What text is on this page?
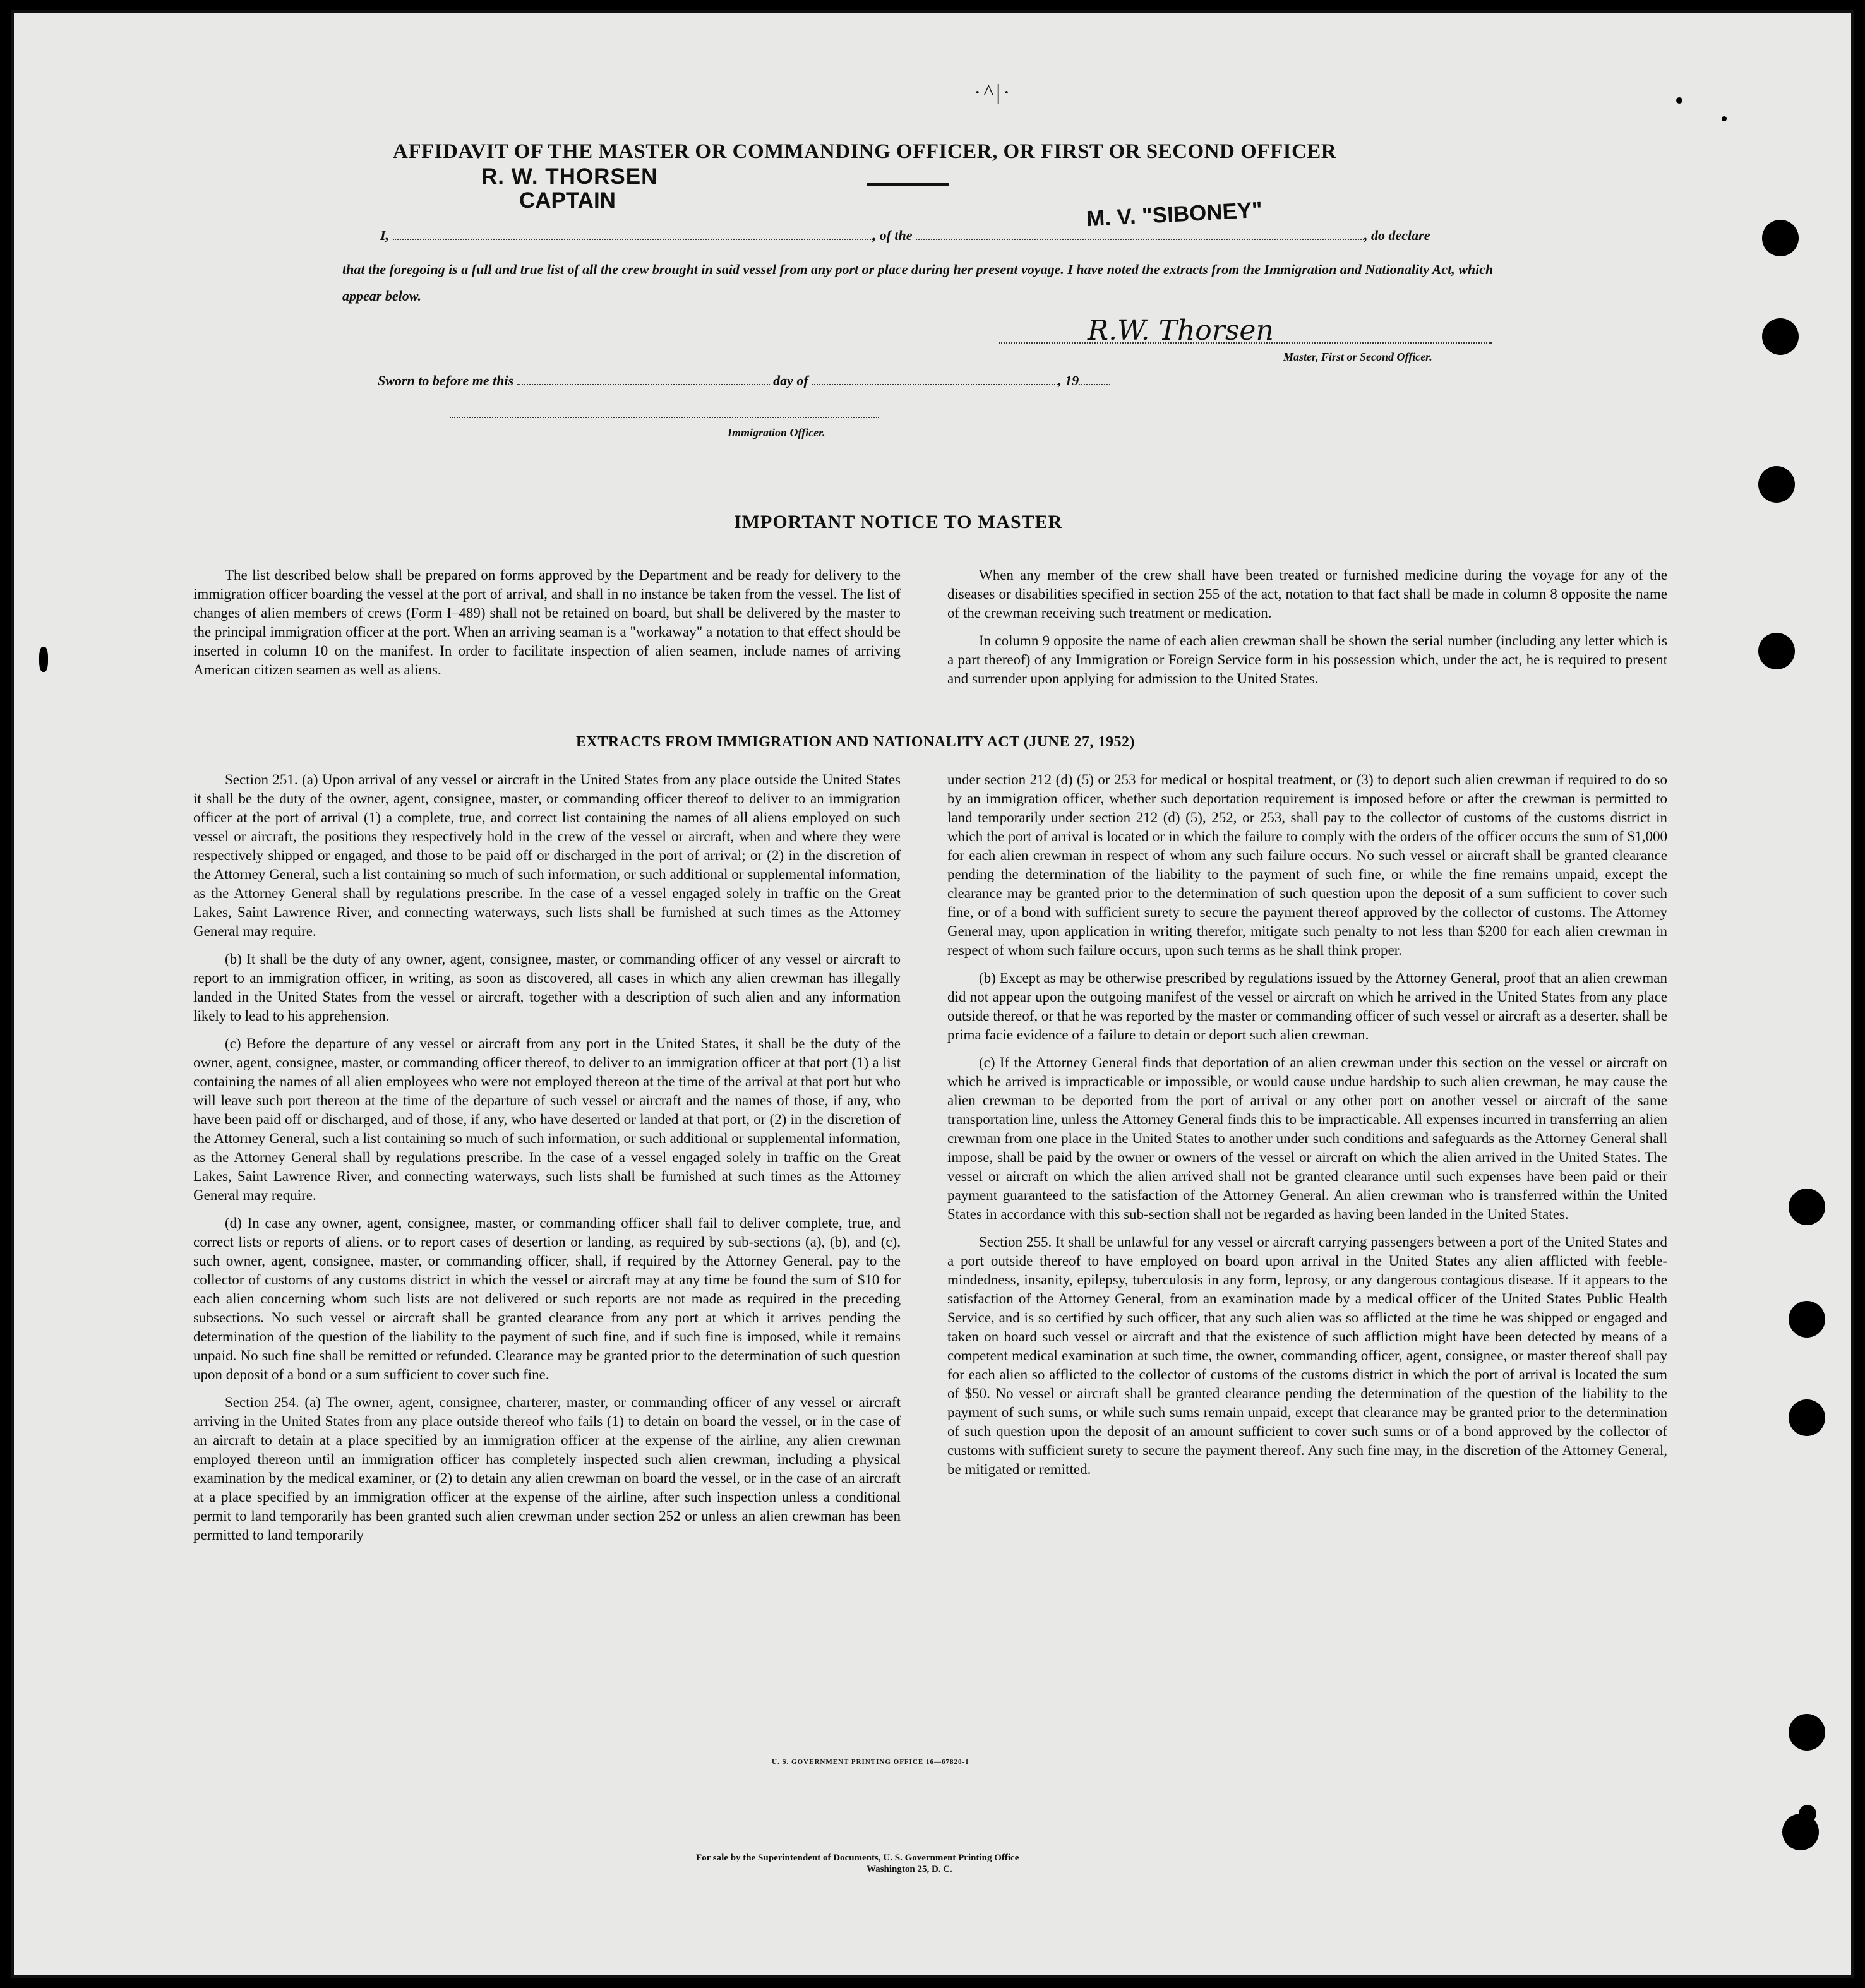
·^|·
AFFIDAVIT OF THE MASTER OR COMMANDING OFFICER, OR FIRST OR SECOND OFFICER
R. W. THORSEN
CAPTAIN	M. V. "SIBONEY"
I,	, of the	, do declare
that the foregoing is a full and true list of all the crew brought in said vessel from any port or place during her present voyage. I have noted the extracts from the Immigration and Nationality Act, which appear below.
R.W. Thorsen
Master, First or Second Officer.
Sworn to before me this	day of	, 19
Immigration Officer.
IMPORTANT NOTICE TO MASTER

The list described below shall be prepared on forms approved by the Department and be ready for delivery to the immigration officer boarding the vessel at the port of arrival, and shall in no instance be taken from the vessel. The list of changes of alien members of crews (Form I–489) shall not be retained on board, but shall be delivered by the master to the principal immigration officer at the port. When an arriving seaman is a "workaway" a notation to that effect should be inserted in column 10 on the manifest. In order to facilitate inspection of alien seamen, include names of arriving American citizen seamen as well as aliens.

When any member of the crew shall have been treated or furnished medicine during the voyage for any of the diseases or disabilities specified in section 255 of the act, notation to that fact shall be made in column 8 opposite the name of the crewman receiving such treatment or medication.

In column 9 opposite the name of each alien crewman shall be shown the serial number (including any letter which is a part thereof) of any Immigration or Foreign Service form in his possession which, under the act, he is required to present and surrender upon applying for admission to the United States.

EXTRACTS FROM IMMIGRATION AND NATIONALITY ACT (JUNE 27, 1952)

Section 251. (a) Upon arrival of any vessel or aircraft in the United States from any place outside the United States it shall be the duty of the owner, agent, consignee, master, or commanding officer thereof to deliver to an immigration officer at the port of arrival (1) a complete, true, and correct list containing the names of all aliens employed on such vessel or aircraft, the positions they respectively hold in the crew of the vessel or aircraft, when and where they were respectively shipped or engaged, and those to be paid off or discharged in the port of arrival; or (2) in the discretion of the Attorney General, such a list containing so much of such information, or such additional or supplemental information, as the Attorney General shall by regulations prescribe. In the case of a vessel engaged solely in traffic on the Great Lakes, Saint Lawrence River, and connecting waterways, such lists shall be furnished at such times as the Attorney General may require.

(b) It shall be the duty of any owner, agent, consignee, master, or commanding officer of any vessel or aircraft to report to an immigration officer, in writing, as soon as discovered, all cases in which any alien crewman has illegally landed in the United States from the vessel or aircraft, together with a description of such alien and any information likely to lead to his apprehension.

(c) Before the departure of any vessel or aircraft from any port in the United States, it shall be the duty of the owner, agent, consignee, master, or commanding officer thereof, to deliver to an immigration officer at that port (1) a list containing the names of all alien employees who were not employed thereon at the time of the arrival at that port but who will leave such port thereon at the time of the departure of such vessel or aircraft and the names of those, if any, who have been paid off or discharged, and of those, if any, who have deserted or landed at that port, or (2) in the discretion of the Attorney General, such a list containing so much of such information, or such additional or supplemental information, as the Attorney General shall by regulations prescribe. In the case of a vessel engaged solely in traffic on the Great Lakes, Saint Lawrence River, and connecting waterways, such lists shall be furnished at such times as the Attorney General may require.

(d) In case any owner, agent, consignee, master, or commanding officer shall fail to deliver complete, true, and correct lists or reports of aliens, or to report cases of desertion or landing, as required by sub-sections (a), (b), and (c), such owner, agent, consignee, master, or commanding officer, shall, if required by the Attorney General, pay to the collector of customs of any customs district in which the vessel or aircraft may at any time be found the sum of $10 for each alien concerning whom such lists are not delivered or such reports are not made as required in the preceding subsections. No such vessel or aircraft shall be granted clearance from any port at which it arrives pending the determination of the question of the liability to the payment of such fine, and if such fine is imposed, while it remains unpaid. No such fine shall be remitted or refunded. Clearance may be granted prior to the determination of such question upon deposit of a bond or a sum sufficient to cover such fine.

Section 254. (a) The owner, agent, consignee, charterer, master, or commanding officer of any vessel or aircraft arriving in the United States from any place outside thereof who fails (1) to detain on board the vessel, or in the case of an aircraft to detain at a place specified by an immigration officer at the expense of the airline, any alien crewman employed thereon until an immigration officer has completely inspected such alien crewman, including a physical examination by the medical examiner, or (2) to detain any alien crewman on board the vessel, or in the case of an aircraft at a place specified by an immigration officer at the expense of the airline, after such inspection unless a conditional permit to land temporarily has been granted such alien crewman under section 252 or unless an alien crewman has been permitted to land temporarily

under section 212 (d) (5) or 253 for medical or hospital treatment, or (3) to deport such alien crewman if required to do so by an immigration officer, whether such deportation requirement is imposed before or after the crewman is permitted to land temporarily under section 212 (d) (5), 252, or 253, shall pay to the collector of customs of the customs district in which the port of arrival is located or in which the failure to comply with the orders of the officer occurs the sum of $1,000 for each alien crewman in respect of whom any such failure occurs. No such vessel or aircraft shall be granted clearance pending the determination of the liability to the payment of such fine, or while the fine remains unpaid, except the clearance may be granted prior to the determination of such question upon the deposit of a sum sufficient to cover such fine, or of a bond with sufficient surety to secure the payment thereof approved by the collector of customs. The Attorney General may, upon application in writing therefor, mitigate such penalty to not less than $200 for each alien crewman in respect of whom such failure occurs, upon such terms as he shall think proper.

(b) Except as may be otherwise prescribed by regulations issued by the Attorney General, proof that an alien crewman did not appear upon the outgoing manifest of the vessel or aircraft on which he arrived in the United States from any place outside thereof, or that he was reported by the master or commanding officer of such vessel or aircraft as a deserter, shall be prima facie evidence of a failure to detain or deport such alien crewman.

(c) If the Attorney General finds that deportation of an alien crewman under this section on the vessel or aircraft on which he arrived is impracticable or impossible, or would cause undue hardship to such alien crewman, he may cause the alien crewman to be deported from the port of arrival or any other port on another vessel or aircraft of the same transportation line, unless the Attorney General finds this to be impracticable. All expenses incurred in transferring an alien crewman from one place in the United States to another under such conditions and safeguards as the Attorney General shall impose, shall be paid by the owner or owners of the vessel or aircraft on which the alien arrived in the United States. The vessel or aircraft on which the alien arrived shall not be granted clearance until such expenses have been paid or their payment guaranteed to the satisfaction of the Attorney General. An alien crewman who is transferred within the United States in accordance with this sub-section shall not be regarded as having been landed in the United States.

Section 255. It shall be unlawful for any vessel or aircraft carrying passengers between a port of the United States and a port outside thereof to have employed on board upon arrival in the United States any alien afflicted with feeble-mindedness, insanity, epilepsy, tuberculosis in any form, leprosy, or any dangerous contagious disease. If it appears to the satisfaction of the Attorney General, from an examination made by a medical officer of the United States Public Health Service, and is so certified by such officer, that any such alien was so afflicted at the time he was shipped or engaged and taken on board such vessel or aircraft and that the existence of such affliction might have been detected by means of a competent medical examination at such time, the owner, commanding officer, agent, consignee, or master thereof shall pay for each alien so afflicted to the collector of customs of the customs district in which the port of arrival is located the sum of $50. No vessel or aircraft shall be granted clearance pending the determination of the question of the liability to the payment of such sums, or while such sums remain unpaid, except that clearance may be granted prior to the determination of such question upon the deposit of an amount sufficient to cover such sums or of a bond approved by the collector of customs with sufficient surety to secure the payment thereof. Any such fine may, in the discretion of the Attorney General, be mitigated or remitted.

U. S. GOVERNMENT PRINTING OFFICE 16—67820-1
For sale by the Superintendent of Documents, U. S. Government Printing Office
Washington 25, D. C.
